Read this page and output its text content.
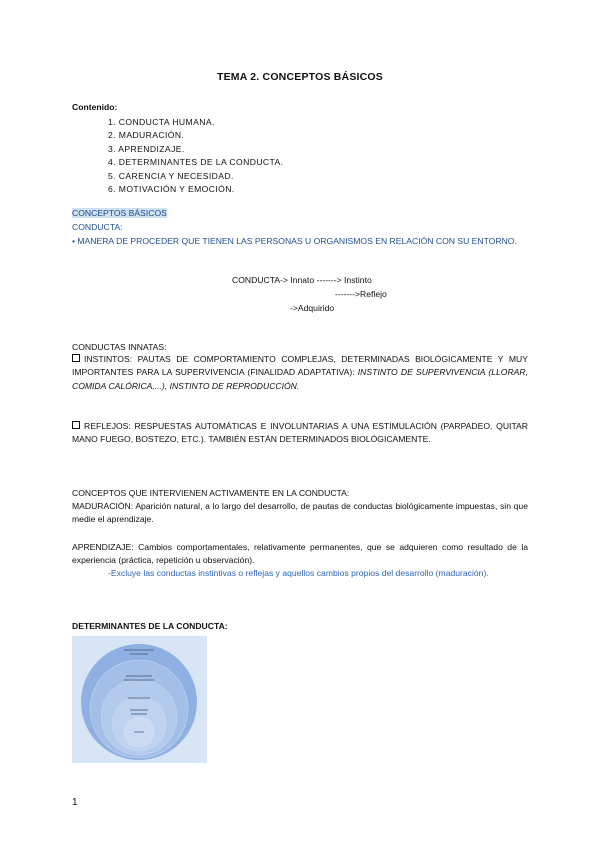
TEMA 2. CONCEPTOS BÁSICOS
Contenido:
1. CONDUCTA HUMANA.
2. MADURACIÓN.
3. APRENDIZAJE.
4. DETERMINANTES DE LA CONDUCTA.
5. CARENCIA Y NECESIDAD.
6. MOTIVACIÓN Y EMOCIÓN.
CONCEPTOS BÁSICOS
CONDUCTA:
• MANERA DE PROCEDER QUE TIENEN LAS PERSONAS U ORGANISMOS EN RELACIÓN CON SU ENTORNO.
CONDUCTA-> Innato -------> Instinto
------->Reflejo
->Adquirido
CONDUCTAS INNATAS:
INSTINTOS: PAUTAS DE COMPORTAMIENTO COMPLEJAS, DETERMINADAS BIOLÓGICAMENTE Y MUY IMPORTANTES PARA LA SUPERVIVENCIA (FINALIDAD ADAPTATIVA): INSTINTO DE SUPERVIVENCIA (LLORAR, COMIDA CALÓRICA,...), INSTINTO DE REPRODUCCIÓN.
REFLEJOS: RESPUESTAS AUTOMÁTICAS E INVOLUNTARIAS A UNA ESTIMULACIÓN (PARPADEO, QUITAR MANO FUEGO, BOSTEZO, ETC.). TAMBIÉN ESTÁN DETERMINADOS BIOLÓGICAMENTE.
CONCEPTOS QUE INTERVIENEN ACTIVAMENTE EN LA CONDUCTA:
MADURACIÓN: Aparición natural, a lo largo del desarrollo, de pautas de conductas biológicamente impuestas, sin que medie el aprendizaje.
APRENDIZAJE: Cambios comportamentales, relativamente permanentes, que se adquieren como resultado de la experiencia (práctica, repetición u observación).
-Excluye las conductas instintivas o reflejas y aquellos cambios propios del desarrollo (maduración).
DETERMINANTES DE LA CONDUCTA:
1
